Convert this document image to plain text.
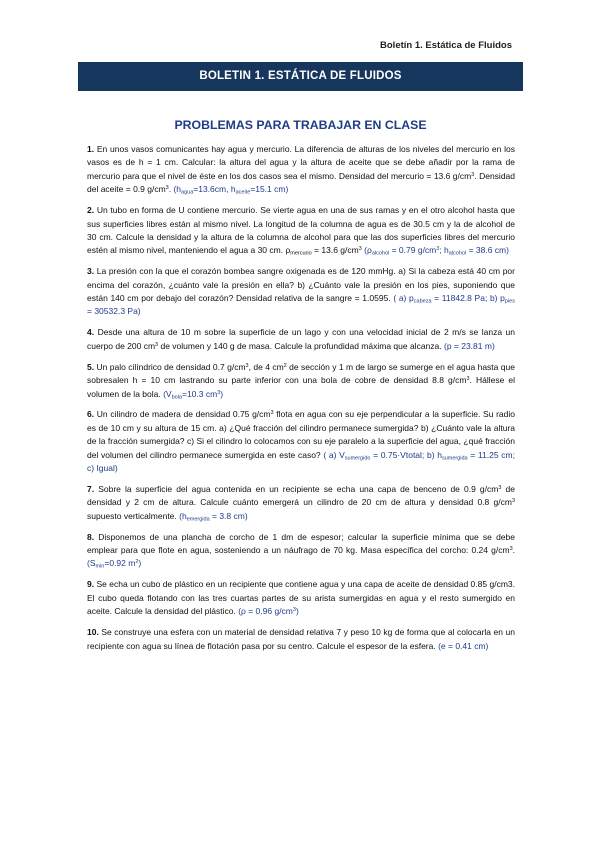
Boletín 1. Estática de Fluidos
BOLETIN 1. ESTÁTICA DE FLUIDOS
PROBLEMAS PARA TRABAJAR EN CLASE

1. En unos vasos comunicantes hay agua y mercurio. La diferencia de alturas de los niveles del mercurio en los vasos es de h = 1 cm. Calcular: la altura del agua y la altura de aceite que se debe añadir por la rama de mercurio para que el nivel de éste en los dos casos sea el mismo. Densidad del mercurio = 13.6 $g/cm^3$. Densidad del aceite = 0.9 $g/cm^3$. ($h_{agua}=13.6cm$, $h_{aceite}=15.1$ cm)

2. Un tubo en forma de U contiene mercurio. Se vierte agua en una de sus ramas y en el otro alcohol hasta que sus superficies libres están al mismo nivel. La longitud de la columna de agua es de 30.5 cm y la de alcohol de 30 cm. Calcule la densidad y la altura de la columna de alcohol para que las dos superficies libres del mercurio estén al mismo nivel, manteniendo el agua a 30 cm. $\rho_{mercurio} = 13.6$ $g/cm^3$ ($\rho_{alcohol} = 0.79$ $g/cm^3$; $h_{alcohol} = 38.6$ cm)

3. La presión con la que el corazón bombea sangre oxigenada es de 120 mmHg. a) Si la cabeza está 40 cm por encima del corazón, ¿cuánto vale la presión en ella? b) ¿Cuánto vale la presión en los pies, suponiendo que están 140 cm por debajo del corazón? Densidad relativa de la sangre = 1.0595. ( a) $p_{cabeza} = 11842.8$ Pa; b) $p_{pies} = 30532.3$ Pa)

4. Desde una altura de 10 m sobre la superficie de un lago y con una velocidad inicial de 2 m/s se lanza un cuerpo de 200 $cm^3$ de volumen y 140 g de masa. Calcule la profundidad máxima que alcanza. (p = 23.81 m)

5. Un palo cilíndrico de densidad 0.7 $g/cm^3$, de 4 $cm^2$ de sección y 1 m de largo se sumerge en el agua hasta que sobresalen h = 10 cm lastrando su parte inferior con una bola de cobre de densidad 8.8 $g/cm^3$. Hállese el volumen de la bola. ($V_{bola}=10.3$ $cm^3$)

6. Un cilindro de madera de densidad 0.75 $g/cm^3$ flota en agua con su eje perpendicular a la superficie. Su radio es de 10 cm y su altura de 15 cm. a) ¿Qué fracción del cilindro permanece sumergida? b) ¿Cuánto vale la altura de la fracción sumergida? c) Si el cilindro lo colocamos con su eje paralelo a la superficie del agua, ¿qué fracción del volumen del cilindro permanece sumergida en este caso? ( a) $V_{sumergido}$ = 0.75·Vtotal; b) $h_{sumergida} = 11.25$ cm; c) Igual)

7. Sobre la superficie del agua contenida en un recipiente se echa una capa de benceno de 0.9 $g/cm^3$ de densidad y 2 cm de altura. Calcule cuánto emergerá un cilindro de 20 cm de altura y densidad 0.8 $g/cm^3$ supuesto verticalmente. ($h_{emergida} = 3.8$ cm)

8. Disponemos de una plancha de corcho de 1 dm de espesor; calcular la superficie mínima que se debe emplear para que flote en agua, sosteniendo a un náufrago de 70 kg. Masa específica del corcho: 0.24 $g/cm^3$. ($S_{min}=0.92$ $m^2$)

9. Se echa un cubo de plástico en un recipiente que contiene agua y una capa de aceite de densidad 0.85 g/cm3. El cubo queda flotando con las tres cuartas partes de su arista sumergidas en agua y el resto sumergido en aceite. Calcule la densidad del plástico. (ρ = 0.96 $g/cm^3$)

10. Se construye una esfera con un material de densidad relativa 7 y peso 10 kg de forma que al colocarla en un recipiente con agua su línea de flotación pasa por su centro. Calcule el espesor de la esfera. (e = 0.41 cm)
